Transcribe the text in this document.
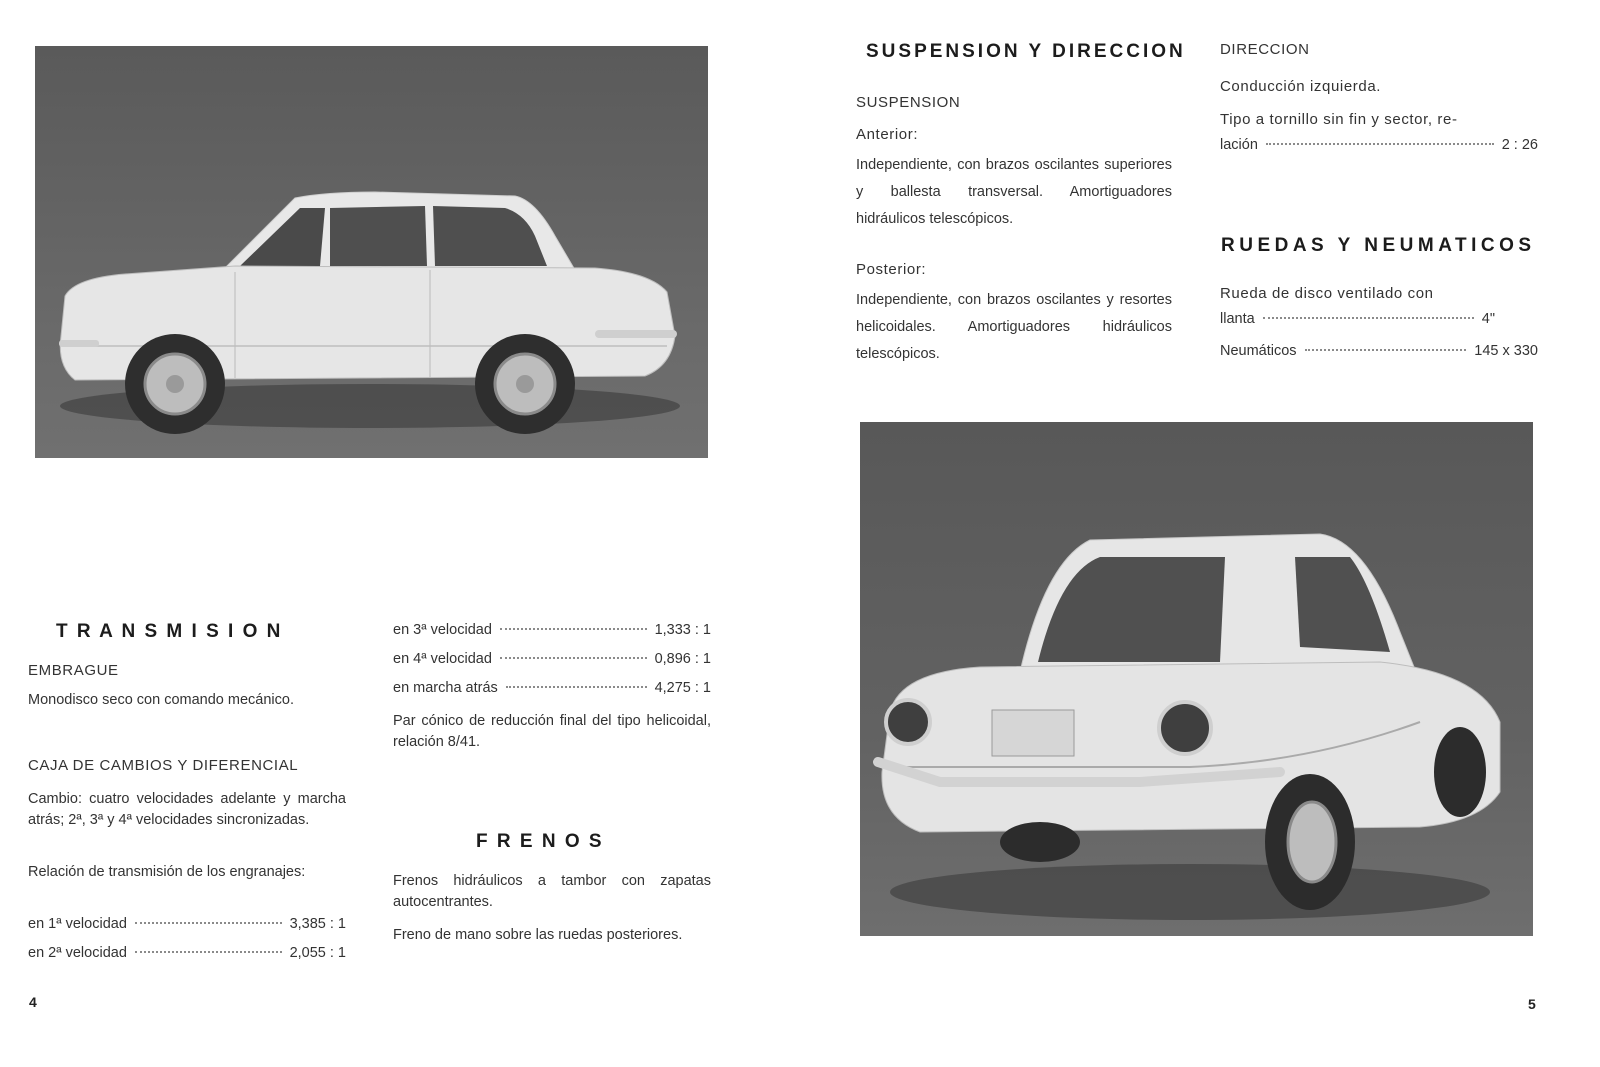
T R A N S M I S I O N
EMBRAGUE
Monodisco seco con comando mecánico.
CAJA DE CAMBIOS Y DIFERENCIAL
Cambio: cuatro velocidades adelante y marcha atrás; 2ª, 3ª y 4ª velocidades sincronizadas.
Relación de transmisión de los engranajes:
en 1ª velocidad	3,385 : 1
en 2ª velocidad	2,055 : 1
en 3ª velocidad	1,333 : 1
en 4ª velocidad	0,896 : 1
en marcha atrás	4,275 : 1
Par cónico de reducción final del tipo helicoidal, relación 8/41.
F R E N O S
Frenos hidráulicos a tambor con zapatas autocentrantes.
Freno de mano sobre las ruedas posteriores.
4
SUSPENSION Y DIRECCION
SUSPENSION
Anterior:
Independiente, con brazos oscilantes superiores y ballesta transversal. Amortiguadores hidráulicos telescópicos.
Posterior:
Independiente, con brazos oscilantes y resortes helicoidales. Amortiguadores hidráulicos telescópicos.
DIRECCION
Conducción izquierda.
Tipo a tornillo sin fin y sector, re-
lación	2 : 26
RUEDAS Y NEUMATICOS
Rueda de disco ventilado con
llanta	4"
Neumáticos	145 x 330
5
